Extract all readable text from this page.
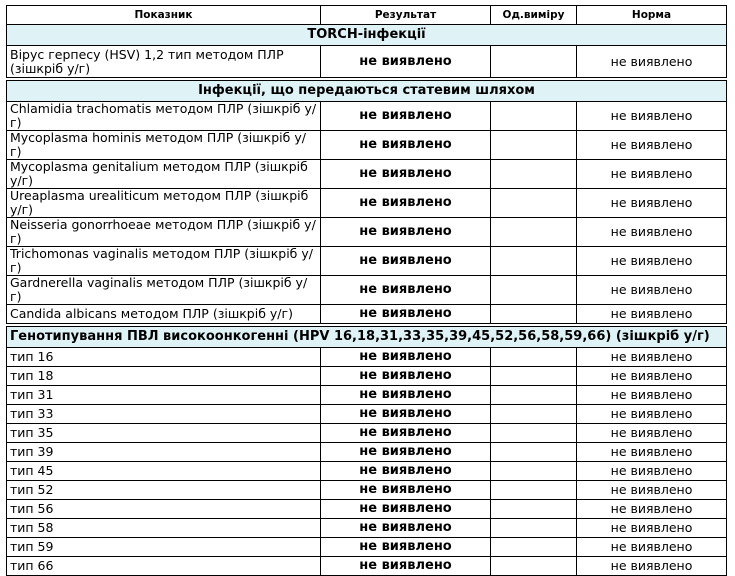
Показник	Результат	Од.виміру	Норма
TORCH-інфекції			
Вірус герпесу (HSV) 1,2 тип методом ПЛР (зішкріб у/г)	не виявлено		не виявлено

Інфекції, що передаються статевим шляхом			
Chlamidia trachomatis методом ПЛР (зішкріб у/г)	не виявлено		не виявлено
Mycoplasma hominis методом ПЛР (зішкріб у/г)	не виявлено		не виявлено
Mycoplasma genitalium методом ПЛР (зішкріб у/г)	не виявлено		не виявлено
Ureaplasma urealiticum методом ПЛР (зішкріб у/г)	не виявлено		не виявлено
Neisseria gonorrhoeae методом ПЛР (зішкріб у/г)	не виявлено		не виявлено
Trichomonas vaginalis методом ПЛР (зішкріб у/г)	не виявлено		не виявлено
Gardnerella vaginalis методом ПЛР (зішкріб у/г)	не виявлено		не виявлено
Candida albicans методом ПЛР (зішкріб у/г)	не виявлено		не виявлено

Генотипування ПВЛ високоонкогенні (HPV 16,18,31,33,35,39,45,52,56,58,59,66) (зішкріб у/г)			
тип 16	не виявлено		не виявлено
тип 18	не виявлено		не виявлено
тип 31	не виявлено		не виявлено
тип 33	не виявлено		не виявлено
тип 35	не виявлено		не виявлено
тип 39	не виявлено		не виявлено
тип 45	не виявлено		не виявлено
тип 52	не виявлено		не виявлено
тип 56	не виявлено		не виявлено
тип 58	не виявлено		не виявлено
тип 59	не виявлено		не виявлено
тип 66	не виявлено		не виявлено
